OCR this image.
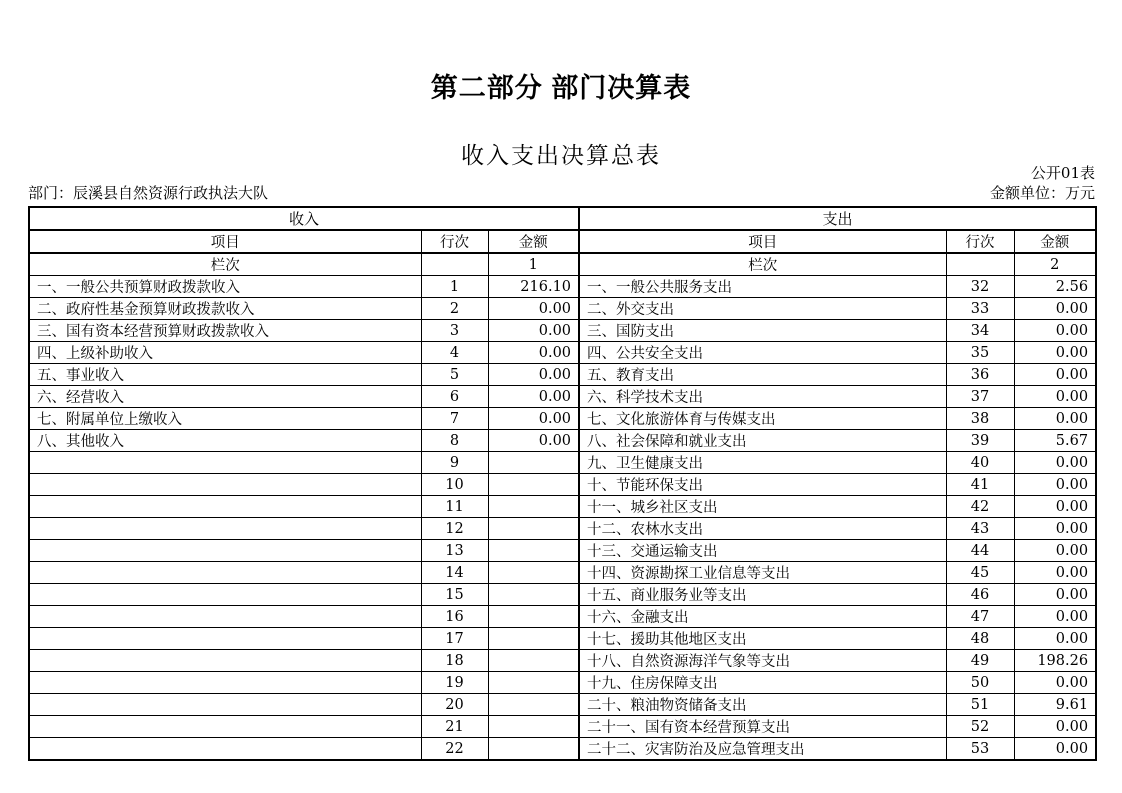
第二部分 部门决算表
收入支出决算总表
公开01表
部门：辰溪县自然资源行政执法大队	金额单位：万元
收入			支出		
项目	行次	金额	项目	行次	金额
栏次		1	栏次		2
一、一般公共预算财政拨款收入	1	216.10	一、一般公共服务支出	32	2.56
二、政府性基金预算财政拨款收入	2	0.00	二、外交支出	33	0.00
三、国有资本经营预算财政拨款收入	3	0.00	三、国防支出	34	0.00
四、上级补助收入	4	0.00	四、公共安全支出	35	0.00
五、事业收入	5	0.00	五、教育支出	36	0.00
六、经营收入	6	0.00	六、科学技术支出	37	0.00
七、附属单位上缴收入	7	0.00	七、文化旅游体育与传媒支出	38	0.00
八、其他收入	8	0.00	八、社会保障和就业支出	39	5.67
	9		九、卫生健康支出	40	0.00
	10		十、节能环保支出	41	0.00
	11		十一、城乡社区支出	42	0.00
	12		十二、农林水支出	43	0.00
	13		十三、交通运输支出	44	0.00
	14		十四、资源勘探工业信息等支出	45	0.00
	15		十五、商业服务业等支出	46	0.00
	16		十六、金融支出	47	0.00
	17		十七、援助其他地区支出	48	0.00
	18		十八、自然资源海洋气象等支出	49	198.26
	19		十九、住房保障支出	50	0.00
	20		二十、粮油物资储备支出	51	9.61
	21		二十一、国有资本经营预算支出	52	0.00
	22		二十二、灾害防治及应急管理支出	53	0.00
